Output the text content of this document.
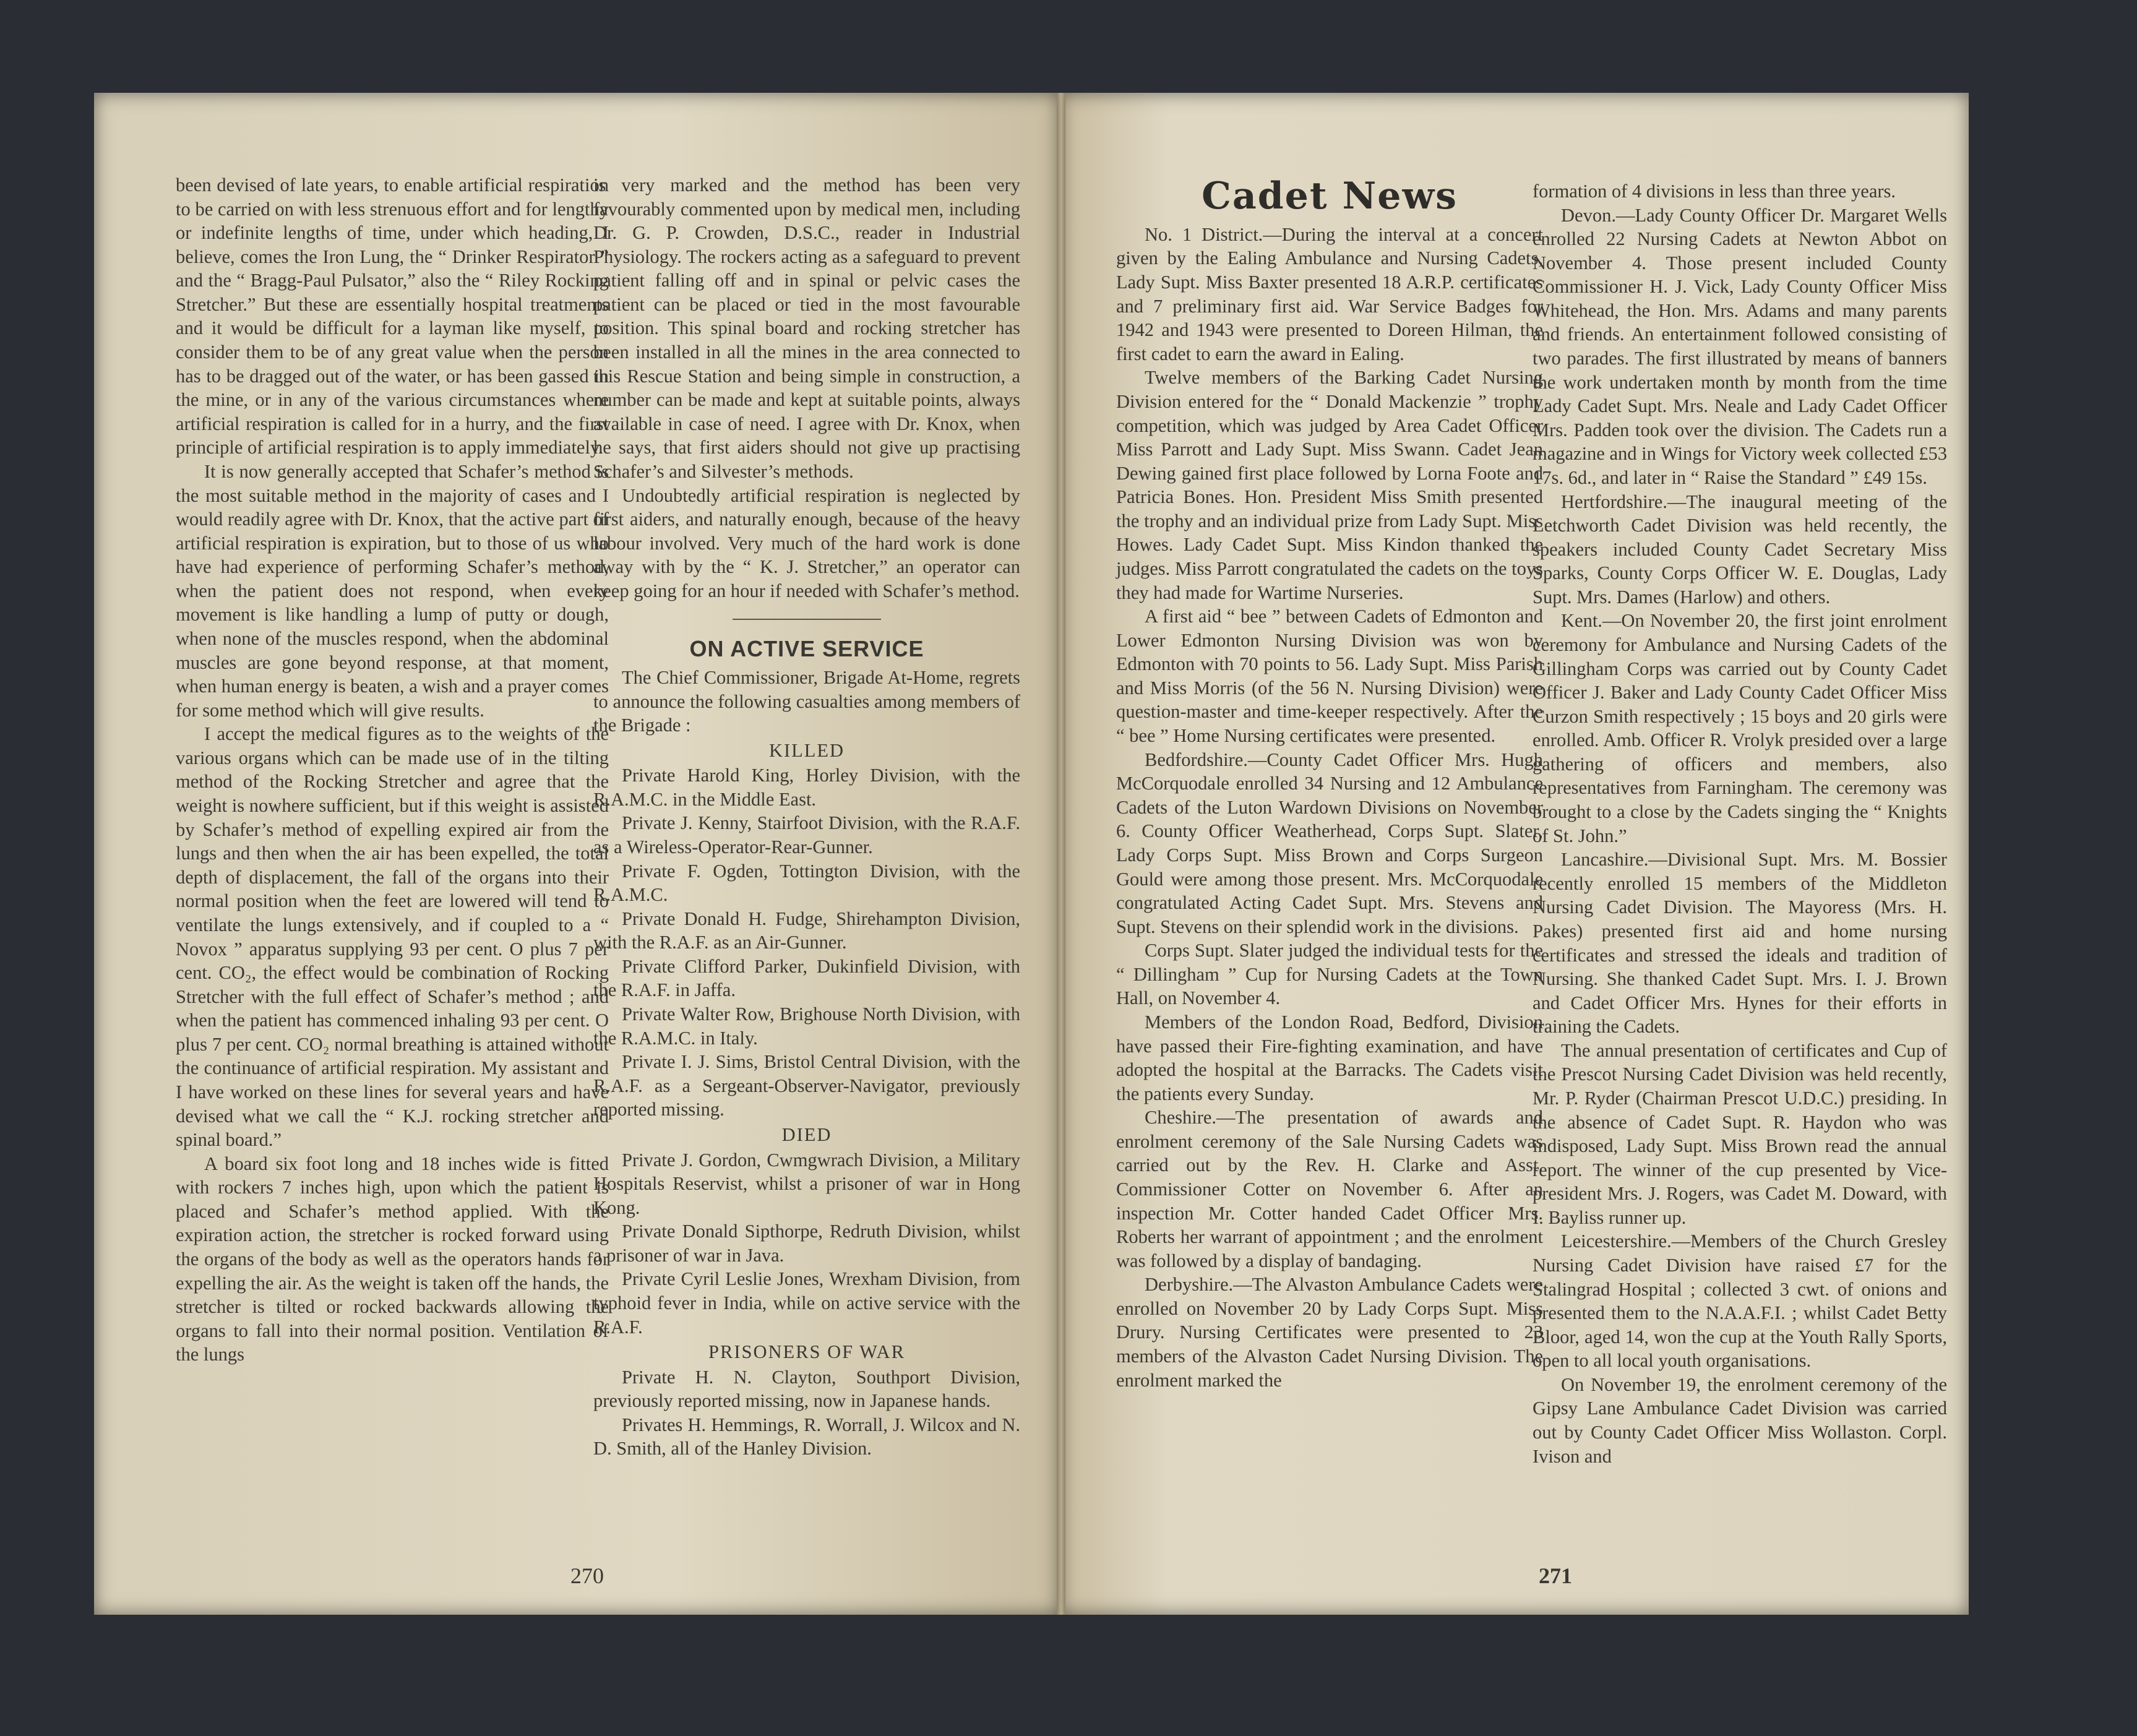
been devised of late years, to enable artificial respiration to be carried on with less strenuous effort and for lengthy or indefinite lengths of time, under which heading, I believe, comes the Iron Lung, the “ Drinker Respirator ” and the “ Bragg-Paul Pulsator,” also the “ Riley Rocking Stretcher.” But these are essentially hospital treatments and it would be difficult for a layman like myself, to consider them to be of any great value when the person has to be dragged out of the water, or has been gassed in the mine, or in any of the various circumstances where artificial respiration is called for in a hurry, and the first principle of artificial respiration is to apply immediately.

It is now generally accepted that Schafer’s method is the most suitable method in the majority of cases and I would readily agree with Dr. Knox, that the active part of artificial respiration is expiration, but to those of us who have had experience of performing Schafer’s method, when the patient does not respond, when every movement is like handling a lump of putty or dough, when none of the muscles respond, when the abdominal muscles are gone beyond response, at that moment, when human energy is beaten, a wish and a prayer comes for some method which will give results.

I accept the medical figures as to the weights of the various organs which can be made use of in the tilting method of the Rocking Stretcher and agree that the weight is nowhere sufficient, but if this weight is assisted by Schafer’s method of expelling expired air from the lungs and then when the air has been expelled, the total depth of displacement, the fall of the organs into their normal position when the feet are lowered will tend to ventilate the lungs extensively, and if coupled to a “ Novox ” apparatus supplying 93 per cent. O plus 7 per cent. CO₂, the effect would be combination of Rocking Stretcher with the full effect of Schafer’s method ; and when the patient has commenced inhaling 93 per cent. O plus 7 per cent. CO₂ normal breathing is attained without the continuance of artificial respiration. My assistant and I have worked on these lines for several years and have devised what we call the “ K.J. rocking stretcher and spinal board.”

A board six foot long and 18 inches wide is fitted with rockers 7 inches high, upon which the patient is placed and Schafer’s method applied. With the expiration action, the stretcher is rocked forward using the organs of the body as well as the operators hands for expelling the air. As the weight is taken off the hands, the stretcher is tilted or rocked backwards allowing the organs to fall into their normal position. Ventilation of the lungs

is very marked and the method has been very favourably commented upon by medical men, including Dr. G. P. Crowden, D.S.C., reader in Industrial Physiology. The rockers acting as a safeguard to prevent patient falling off and in spinal or pelvic cases the patient can be placed or tied in the most favourable position. This spinal board and rocking stretcher has been installed in all the mines in the area connected to this Rescue Station and being simple in construction, a number can be made and kept at suitable points, always available in case of need. I agree with Dr. Knox, when he says, that first aiders should not give up practising Schafer’s and Silvester’s methods.

Undoubtedly artificial respiration is neglected by first aiders, and naturally enough, because of the heavy labour involved. Very much of the hard work is done away with by the “ K. J. Stretcher,” an operator can keep going for an hour if needed with Schafer’s method.

ON ACTIVE SERVICE

The Chief Commissioner, Brigade At-Home, regrets to announce the following casualties among members of the Brigade :

KILLED

Private Harold King, Horley Division, with the R.A.M.C. in the Middle East.

Private J. Kenny, Stairfoot Division, with the R.A.F. as a Wireless-Operator-Rear-Gunner.

Private F. Ogden, Tottington Division, with the R.A.M.C.

Private Donald H. Fudge, Shirehampton Division, with the R.A.F. as an Air-Gunner.

Private Clifford Parker, Dukinfield Division, with the R.A.F. in Jaffa.

Private Walter Row, Brighouse North Division, with the R.A.M.C. in Italy.

Private I. J. Sims, Bristol Central Division, with the R.A.F. as a Sergeant-Observer-Navigator, previously reported missing.

DIED

Private J. Gordon, Cwmgwrach Division, a Military Hospitals Reservist, whilst a prisoner of war in Hong Kong.

Private Donald Sipthorpe, Redruth Division, whilst a prisoner of war in Java.

Private Cyril Leslie Jones, Wrexham Division, from typhoid fever in India, while on active service with the R.A.F.

PRISONERS OF WAR

Private H. N. Clayton, Southport Division, previously reported missing, now in Japanese hands.

Privates H. Hemmings, R. Worrall, J. Wilcox and N. D. Smith, all of the Hanley Division.

270
Cadet News

No. 1 District.—During the interval at a concert given by the Ealing Ambulance and Nursing Cadets, Lady Supt. Miss Baxter presented 18 A.R.P. certificates and 7 preliminary first aid. War Service Badges for 1942 and 1943 were presented to Doreen Hilman, the first cadet to earn the award in Ealing.

Twelve members of the Barking Cadet Nursing Division entered for the “ Donald Mackenzie ” trophy competition, which was judged by Area Cadet Officer Miss Parrott and Lady Supt. Miss Swann. Cadet Jean Dewing gained first place followed by Lorna Foote and Patricia Bones. Hon. President Miss Smith presented the trophy and an individual prize from Lady Supt. Miss Howes. Lady Cadet Supt. Miss Kindon thanked the judges. Miss Parrott congratulated the cadets on the toys they had made for Wartime Nurseries.

A first aid “ bee ” between Cadets of Edmonton and Lower Edmonton Nursing Division was won by Edmonton with 70 points to 56. Lady Supt. Miss Parish and Miss Morris (of the 56 N. Nursing Division) were question-master and time-keeper respectively. After the “ bee ” Home Nursing certificates were presented.

Bedfordshire.—County Cadet Officer Mrs. Hugh McCorquodale enrolled 34 Nursing and 12 Ambulance Cadets of the Luton Wardown Divisions on November 6. County Officer Weatherhead, Corps Supt. Slater, Lady Corps Supt. Miss Brown and Corps Surgeon Gould were among those present. Mrs. McCorquodale congratulated Acting Cadet Supt. Mrs. Stevens and Supt. Stevens on their splendid work in the divisions.

Corps Supt. Slater judged the individual tests for the “ Dillingham ” Cup for Nursing Cadets at the Town Hall, on November 4.

Members of the London Road, Bedford, Division have passed their Fire-fighting examination, and have adopted the hospital at the Barracks. The Cadets visit the patients every Sunday.

Cheshire.—The presentation of awards and enrolment ceremony of the Sale Nursing Cadets was carried out by the Rev. H. Clarke and Asst. Commissioner Cotter on November 6. After an inspection Mr. Cotter handed Cadet Officer Mrs. Roberts her warrant of appointment ; and the enrolment was followed by a display of bandaging.

Derbyshire.—The Alvaston Ambulance Cadets were enrolled on November 20 by Lady Corps Supt. Miss Drury. Nursing Certificates were presented to 23 members of the Alvaston Cadet Nursing Division. The enrolment marked the

formation of 4 divisions in less than three years.

Devon.—Lady County Officer Dr. Margaret Wells enrolled 22 Nursing Cadets at Newton Abbot on November 4. Those present included County Commissioner H. J. Vick, Lady County Officer Miss Whitehead, the Hon. Mrs. Adams and many parents and friends. An entertainment followed consisting of two parades. The first illustrated by means of banners the work undertaken month by month from the time Lady Cadet Supt. Mrs. Neale and Lady Cadet Officer Mrs. Padden took over the division. The Cadets run a magazine and in Wings for Victory week collected £53 17s. 6d., and later in “ Raise the Standard ” £49 15s.

Hertfordshire.—The inaugural meeting of the Letchworth Cadet Division was held recently, the speakers included County Cadet Secretary Miss Sparks, County Corps Officer W. E. Douglas, Lady Supt. Mrs. Dames (Harlow) and others.

Kent.—On November 20, the first joint enrolment ceremony for Ambulance and Nursing Cadets of the Gillingham Corps was carried out by County Cadet Officer J. Baker and Lady County Cadet Officer Miss Curzon Smith respectively ; 15 boys and 20 girls were enrolled. Amb. Officer R. Vrolyk presided over a large gathering of officers and members, also representatives from Farningham. The ceremony was brought to a close by the Cadets singing the “ Knights of St. John.”

Lancashire.—Divisional Supt. Mrs. M. Bossier recently enrolled 15 members of the Middleton Nursing Cadet Division. The Mayoress (Mrs. H. Pakes) presented first aid and home nursing certificates and stressed the ideals and tradition of Nursing. She thanked Cadet Supt. Mrs. I. J. Brown and Cadet Officer Mrs. Hynes for their efforts in training the Cadets.

The annual presentation of certificates and Cup of the Prescot Nursing Cadet Division was held recently, Mr. P. Ryder (Chairman Prescot U.D.C.) presiding. In the absence of Cadet Supt. R. Haydon who was indisposed, Lady Supt. Miss Brown read the annual report. The winner of the cup presented by Vice-president Mrs. J. Rogers, was Cadet M. Doward, with I. Bayliss runner up.

Leicestershire.—Members of the Church Gresley Nursing Cadet Division have raised £7 for the Stalingrad Hospital ; collected 3 cwt. of onions and presented them to the N.A.A.F.I. ; whilst Cadet Betty Bloor, aged 14, won the cup at the Youth Rally Sports, open to all local youth organisations.

On November 19, the enrolment ceremony of the Gipsy Lane Ambulance Cadet Division was carried out by County Cadet Officer Miss Wollaston. Corpl. Ivison and

271
